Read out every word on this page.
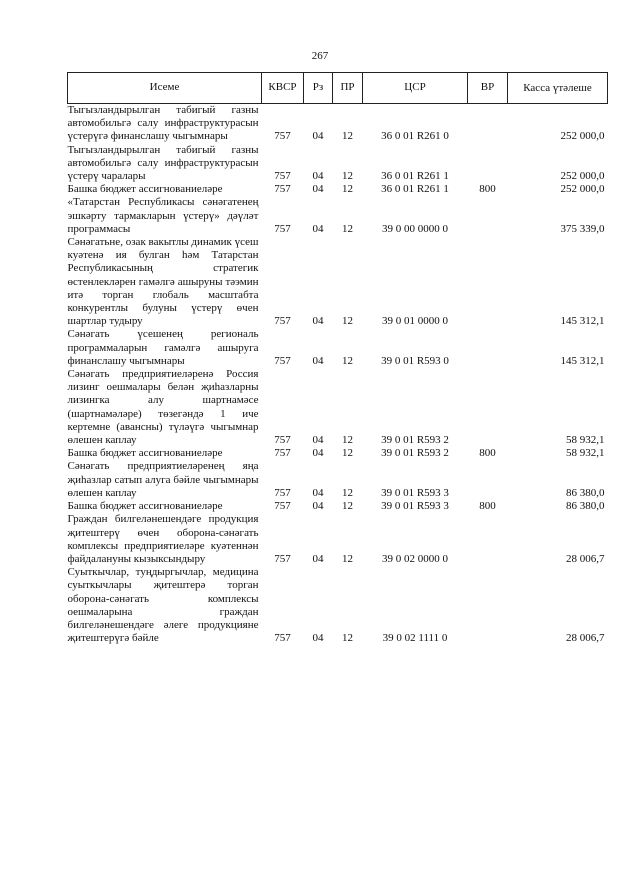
267
Исеме	КВСР	Рз	ПР	ЦСР	ВР	Касса үтәлеше

Тыгызландырылган табигый газны автомобильгә салу инфраструктурасын үстерүгә финанслашу чыгымнары	757	04	12	36 0 01 R261 0		252 000,0
Тыгызландырылган табигый газны автомобильгә салу инфраструктурасын үстерү чаралары	757	04	12	36 0 01 R261 1		252 000,0
Башка бюджет ассигнованиеләре	757	04	12	36 0 01 R261 1	800	252 000,0
«Татарстан Республикасы сәнәгатенең эшкәрту тармакларын үстерү» дәүләт программасы	757	04	12	39 0 00 0000 0		375 339,0
Сәнәгатьне, озак вакытлы динамик үсеш куәтенә ия булган һәм Татарстан Республикасының стратегик өстенлекләрен гамәлгә ашыруны тәэмин итә торган глобаль масштабта конкурентлы булуны үстерү өчен шартлар тудыру	757	04	12	39 0 01 0000 0		145 312,1
Сәнәгать үсешенең региональ программаларын гамәлгә ашыруга финанслашу чыгымнары	757	04	12	39 0 01 R593 0		145 312,1
Сәнәгать предприятиеләренә Россия лизинг оешмалары белән җиһазларны лизингка алу шартнамәсе (шартнамәләре) төзегәндә 1 иче кертемне (авансны) түләүгә чыгымнар өлешен каплау	757	04	12	39 0 01 R593 2		58 932,1
Башка бюджет ассигнованиеләре	757	04	12	39 0 01 R593 2	800	58 932,1
Сәнәгать предприятиеләренең яңа җиһазлар сатып алуга бәйле чыгымнары өлешен каплау	757	04	12	39 0 01 R593 3		86 380,0
Башка бюджет ассигнованиеләре	757	04	12	39 0 01 R593 3	800	86 380,0
Граждан билгеләнешендәге продукция җитештерү өчен оборона-сәнәгать комплексы предприятиеләре куәтеннән файдалануны кызыксындыру	757	04	12	39 0 02 0000 0		28 006,7
Суыткычлар, туңдыргычлар, медицина суыткычлары җитештерә торган оборона-сәнәгать комплексы оешмаларына граждан билгеләнешендәге әлеге продукцияне җитештерүгә бәйле	757	04	12	39 0 02 1111 0		28 006,7
